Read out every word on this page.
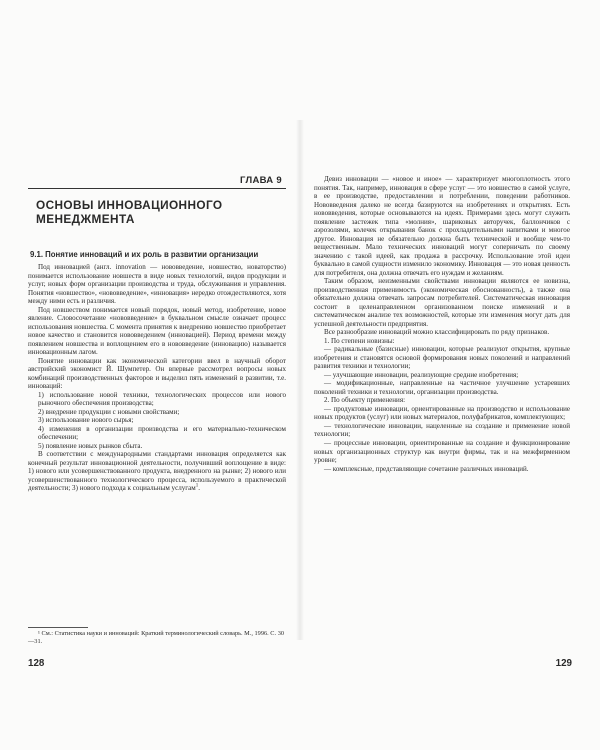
ГЛАВА 9
ОСНОВЫ ИННОВАЦИОННОГО МЕНЕДЖМЕНТА
9.1. Понятие инноваций и их роль в развитии организации

Под инновацией (англ. innovation — нововведение, новшество, новаторство) понимается использование новшеств в виде новых технологий, видов продукции и услуг, новых форм организации производства и труда, обслуживания и управления. Понятия «новшество», «нововведение», «инновация» нередко отождествляются, хотя между ними есть и различия.

Под новшеством понимается новый порядок, новый метод, изобретение, новое явление. Словосочетание «нововведение» в буквальном смысле означает процесс использования новшества. С момента принятия к внедрению новшество приобретает новое качество и становится нововведением (инновацией). Период времени между появлением новшества и воплощением его в нововведение (инновацию) называется инновационным лагом.

Понятие инновации как экономической категории ввел в научный оборот австрийский экономист Й. Шумпетер. Он впервые рассмотрел вопросы новых комбинаций производственных факторов и выделил пять изменений в развитии, т.е. инноваций:

1) использование новой техники, технологических процессов или нового рыночного обеспечения производства;

2) внедрение продукции с новыми свойствами;

3) использование нового сырья;

4) изменения в организации производства и его материально-техническом обеспечении;

5) появление новых рынков сбыта.

В соответствии с международными стандартами инновация определяется как конечный результат инновационной деятельности, получивший воплощение в виде: 1) нового или усовершенствованного продукта, внедренного на рынке; 2) нового или усовершенствованного технологического процесса, используемого в практической деятельности; 3) нового подхода к социальным услугам$^1$.

¹ См.: Статистика науки и инноваций: Краткий терминологический словарь. М., 1996. С. 30—31.

128

Девиз инновации — «новое и иное» — характеризует многоплотность этого понятия. Так, например, инновация в сфере услуг — это новшество в самой услуге, в ее производстве, предоставлении и потреблении, поведении работников. Нововведения далеко не всегда базируются на изобретениях и открытиях. Есть нововведения, которые основываются на идеях. Примерами здесь могут служить появление застежек типа «молния», шариковых авторучек, баллончиков с аэрозолями, колечек открывания банок с прохладительными напитками и многое другое. Инновация не обязательно должна быть технической и вообще чем-то вещественным. Мало технических инноваций могут соперничать по своему значению с такой идеей, как продажа в рассрочку. Использование этой идеи буквально в самой сущности изменило экономику. Инновация — это новая ценность для потребителя, она должна отвечать его нуждам и желаниям.

Таким образом, неизменными свойствами инновации являются ее новизна, производственная применимость (экономическая обоснованность), а также она обязательно должна отвечать запросам потребителей. Систематическая инновация состоит в целенаправленном организованном поиске изменений и в систематическом анализе тех возможностей, которые эти изменения могут дать для успешной деятельности предприятия.

Все разнообразие инноваций можно классифицировать по ряду признаков.

1. По степени новизны:

— радикальные (базисные) инновации, которые реализуют открытия, крупные изобретения и становятся основой формирования новых поколений и направлений развития техники и технологии;

— улучшающие инновации, реализующие средние изобретения;

— модификационные, направленные на частичное улучшение устаревших поколений техники и технологии, организации производства.

2. По объекту применения:

— продуктовые инновации, ориентированные на производство и использование новых продуктов (услуг) или новых материалов, полуфабрикатов, комплектующих;

— технологические инновации, нацеленные на создание и применение новой технологии;

— процессные инновации, ориентированные на создание и функционирование новых организационных структур как внутри фирмы, так и на межфирменном уровне;

— комплексные, представляющие сочетание различных инноваций.

129
